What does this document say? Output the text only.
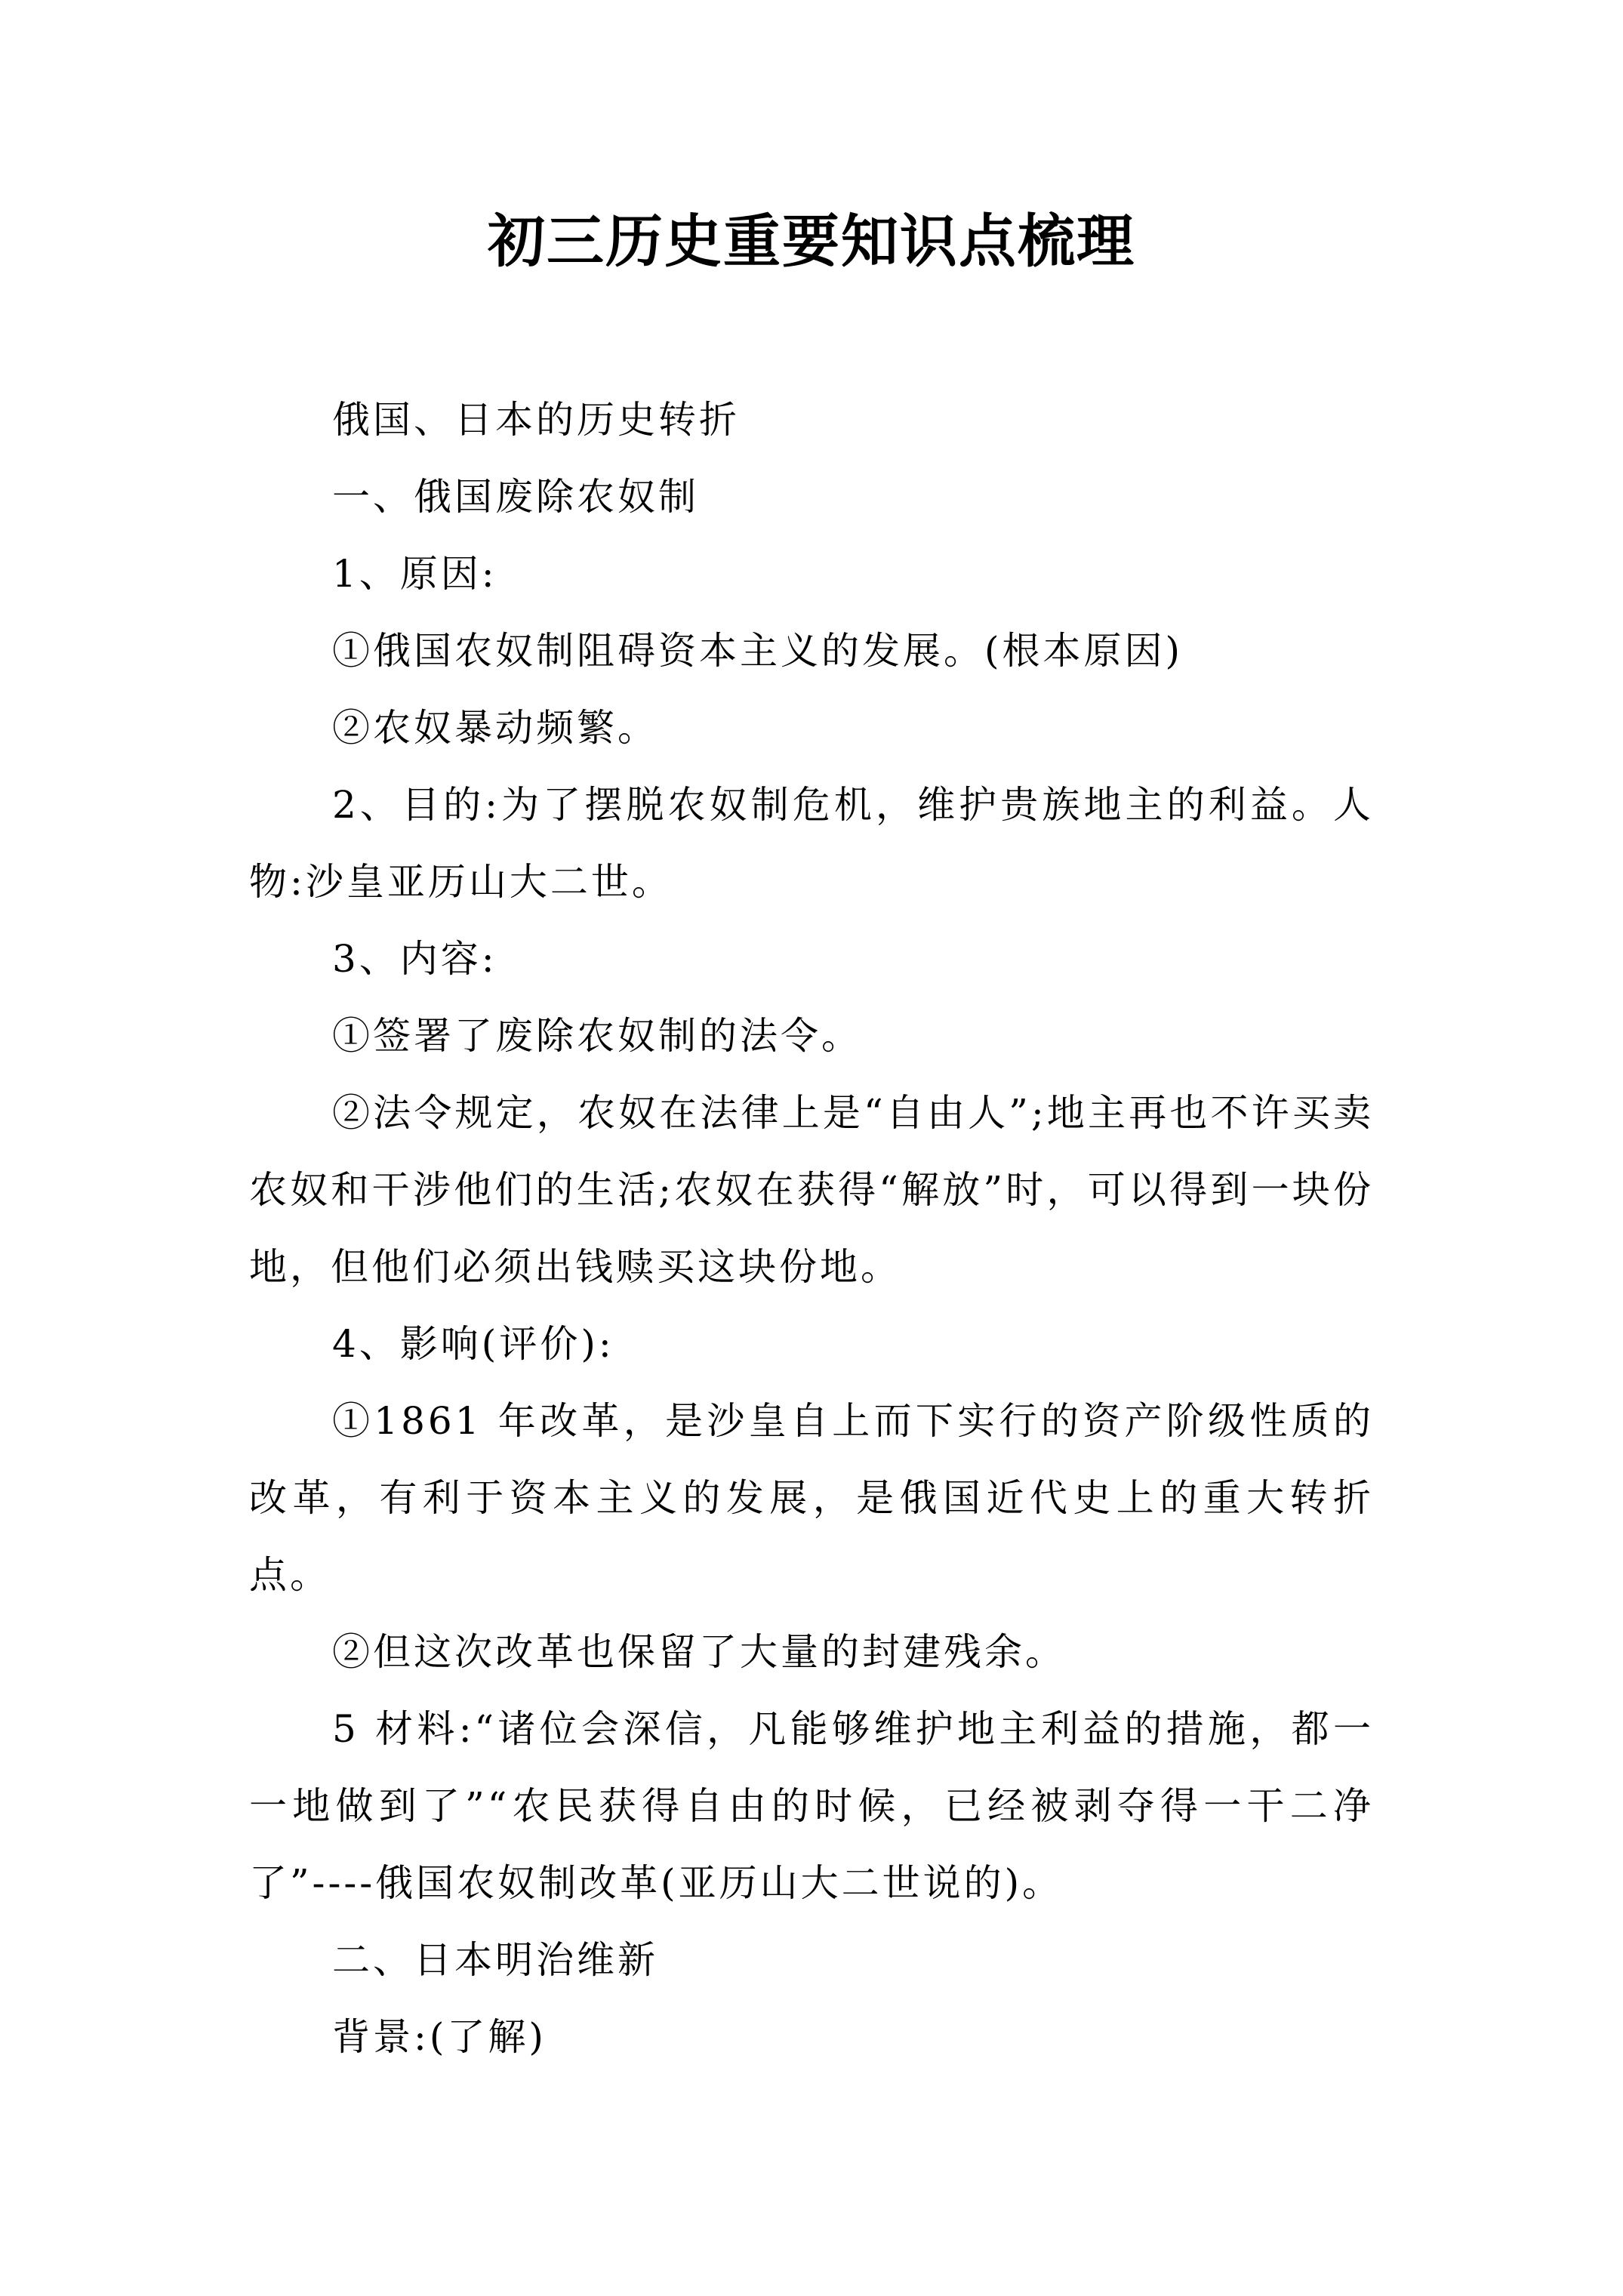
初三历史重要知识点梳理

俄国、日本的历史转折

一、俄国废除农奴制

1、原因:

①俄国农奴制阻碍资本主义的发展。(根本原因)

②农奴暴动频繁。

2、目的:为了摆脱农奴制危机，维护贵族地主的利益。人物:沙皇亚历山大二世。

3、内容:

①签署了废除农奴制的法令。

②法令规定，农奴在法律上是“自由人”;地主再也不许买卖农奴和干涉他们的生活;农奴在获得“解放”时，可以得到一块份地，但他们必须出钱赎买这块份地。

4、影响(评价):

①1861 年改革，是沙皇自上而下实行的资产阶级性质的改革，有利于资本主义的发展，是俄国近代史上的重大转折点。

②但这次改革也保留了大量的封建残余。

5 材料:“诸位会深信，凡能够维护地主利益的措施，都一一地做到了”“农民获得自由的时候，已经被剥夺得一干二净了”----俄国农奴制改革(亚历山大二世说的)。

二、日本明治维新

背景:(了解)
